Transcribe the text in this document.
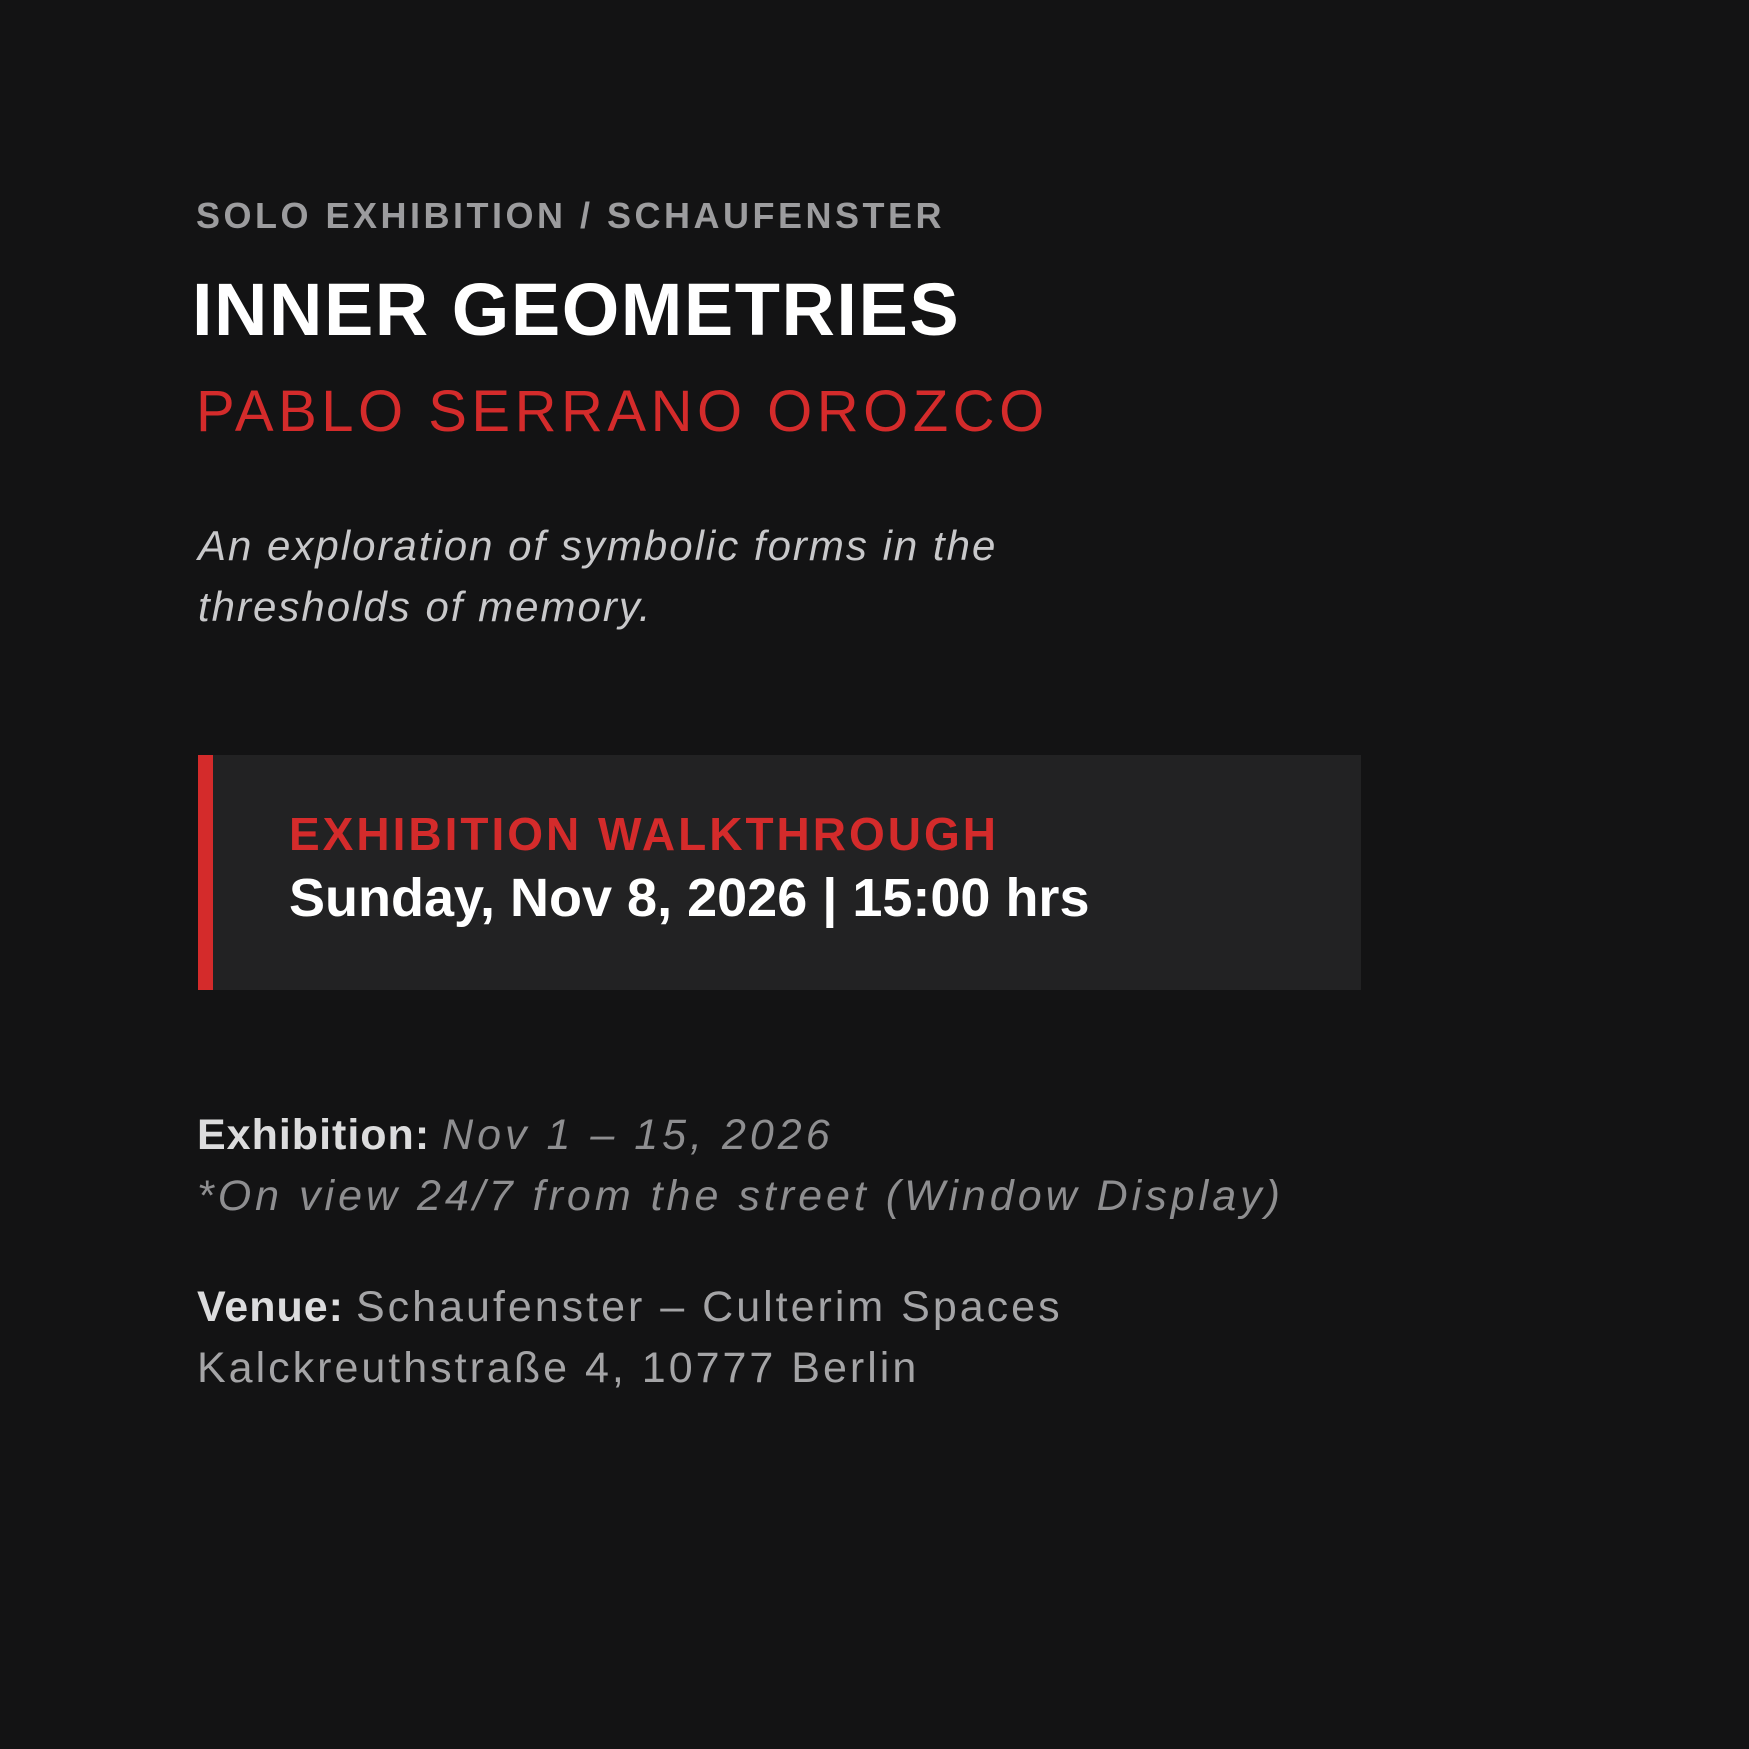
SOLO EXHIBITION / SCHAUFENSTER

INNER GEOMETRIES
PABLO SERRANO OROZCO

An exploration of symbolic forms in the
thresholds of memory.

EXHIBITION WALKTHROUGH

Sunday, Nov 8, 2026 | 15:00 hrs

Exhibition: Nov 1 – 15, 2026
*On view 24/7 from the street (Window Display)
Venue: Schaufenster – Culterim Spaces
Kalckreuthstraße 4, 10777 Berlin
